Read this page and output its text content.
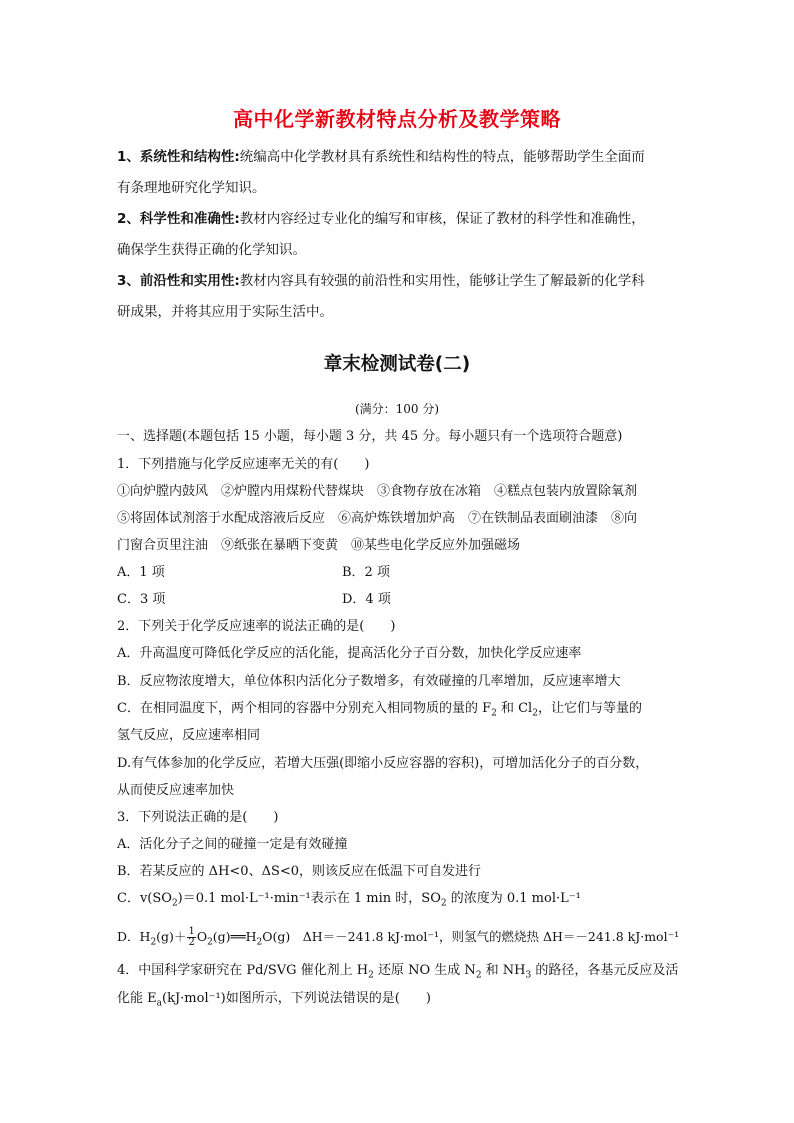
高中化学新教材特点分析及教学策略
1、系统性和结构性:统编高中化学教材具有系统性和结构性的特点，能够帮助学生全面而
有条理地研究化学知识。
2、科学性和准确性:教材内容经过专业化的编写和审核，保证了教材的科学性和准确性，
确保学生获得正确的化学知识。
3、前沿性和实用性:教材内容具有较强的前沿性和实用性，能够让学生了解最新的化学科
研成果，并将其应用于实际生活中。
章末检测试卷(二)
(满分：100 分)
一、选择题(本题包括 15 小题，每小题 3 分，共 45 分。每小题只有一个选项符合题意)
1．下列措施与化学反应速率无关的有(　　)
①向炉膛内鼓风　②炉膛内用煤粉代替煤块　③食物存放在冰箱　④糕点包装内放置除氧剂
⑤将固体试剂溶于水配成溶液后反应　⑥高炉炼铁增加炉高　⑦在铁制品表面刷油漆　⑧向
门窗合页里注油　⑨纸张在暴晒下变黄　⑩某些电化学反应外加强磁场
A．1 项	B．2 项
C．3 项	D．4 项
2．下列关于化学反应速率的说法正确的是(　　)
A．升高温度可降低化学反应的活化能，提高活化分子百分数，加快化学反应速率
B．反应物浓度增大，单位体积内活化分子数增多，有效碰撞的几率增加，反应速率增大
C．在相同温度下，两个相同的容器中分别充入相同物质的量的 $F_2$ 和 $Cl_2$，让它们与等量的
氢气反应，反应速率相同
D.有气体参加的化学反应，若增大压强(即缩小反应容器的容积)，可增加活化分子的百分数，
从而使反应速率加快
3．下列说法正确的是(　　)
A．活化分子之间的碰撞一定是有效碰撞
B．若某反应的 ΔH<0、ΔS<0，则该反应在低温下可自发进行
C．$v(SO_2)=0.1$ mol·L⁻¹·min⁻¹表示在 1 min 时，$SO_2$ 的浓度为 0.1 mol·L⁻¹
D．$H_2(g)+ \frac{1}{2}$ $O_2(g)══H_2O(g)$　ΔH＝－241.8 kJ·mol⁻¹，则氢气的燃烧热 ΔH＝－241.8 kJ·mol⁻¹
4．中国科学家研究在 Pd/SVG 催化剂上 $H_2$ 还原 NO 生成 $N_2$ 和 $NH_3$ 的路径，各基元反应及活
化能 $E_a(kJ\cdot mol^{-1})$如图所示，下列说法错误的是(　　)
